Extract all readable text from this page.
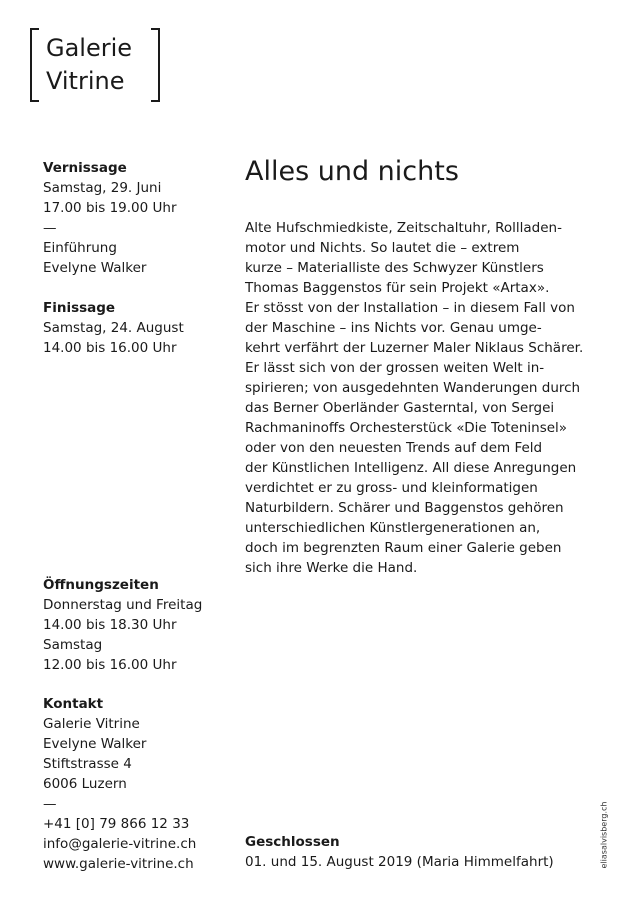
Galerie
Vitrine
Vernissage
Samstag, 29. Juni
17.00 bis 19.00 Uhr
—
Einführung
Evelyne Walker
Finissage
Samstag, 24. August
14.00 bis 16.00 Uhr
Öffnungszeiten
Donnerstag und Freitag
14.00 bis 18.30 Uhr
Samstag
12.00 bis 16.00 Uhr
Kontakt
Galerie Vitrine
Evelyne Walker
Stiftstrasse 4
6006 Luzern
—
+41 [0] 79 866 12 33
info@galerie-vitrine.ch
www.galerie-vitrine.ch
Alles und nichts
Alte Hufschmiedkiste, Zeitschaltuhr, Rollladen-
motor und Nichts. So lautet die – extrem
kurze – Materialliste des Schwyzer Künstlers
Thomas Baggenstos für sein Projekt «Artax».
Er stösst von der Installation – in diesem Fall von
der Maschine – ins Nichts vor. Genau umge-
kehrt verfährt der Luzerner Maler Niklaus Schärer.
Er lässt sich von der grossen weiten Welt in-
spirieren; von ausgedehnten Wanderungen durch
das Berner Oberländer Gasterntal, von Sergei
Rachmaninoffs Orchesterstück «Die Toteninsel»
oder von den neuesten Trends auf dem Feld
der Künstlichen Intelligenz. All diese Anregungen
verdichtet er zu gross- und kleinformatigen
Naturbildern. Schärer und Baggenstos gehören
unterschiedlichen Künstlergenerationen an,
doch im begrenzten Raum einer Galerie geben
sich ihre Werke die Hand.
Geschlossen
01. und 15. August 2019 (Maria Himmelfahrt)	eliasalvisberg.ch
